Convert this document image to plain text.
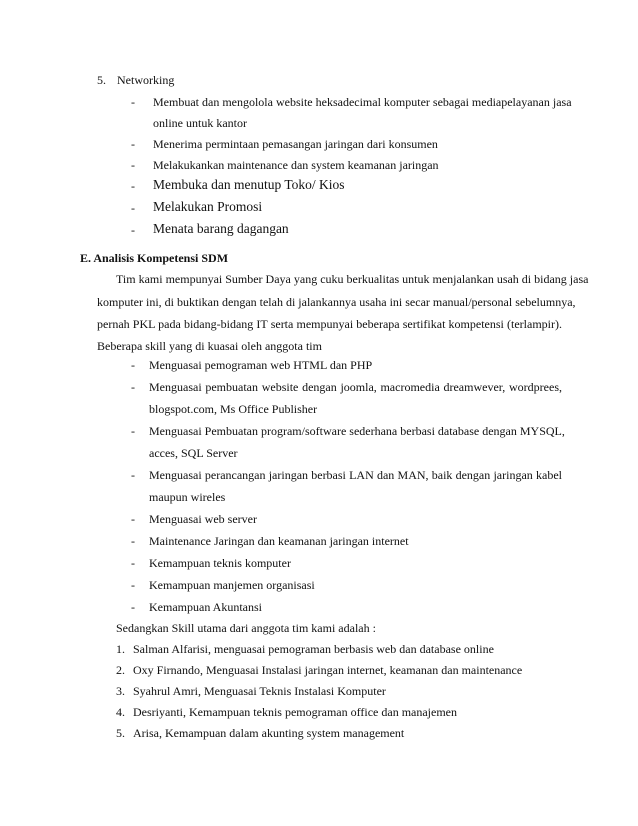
5. Networking
- Membuat dan mengolola website heksadecimal komputer sebagai mediapelayanan jasa
online untuk kantor
- Menerima permintaan pemasangan jaringan dari konsumen
- Melakukankan maintenance dan system keamanan jaringan
- Membuka dan menutup Toko/ Kios
- Melakukan Promosi
- Menata barang dagangan
E. Analisis Kompetensi SDM
Tim kami mempunyai Sumber Daya yang cuku berkualitas untuk menjalankan usah di bidang jasa
komputer ini, di buktikan dengan telah di jalankannya usaha ini secar manual/personal sebelumnya,
pernah PKL pada bidang-bidang IT serta mempunyai beberapa sertifikat kompetensi (terlampir).
Beberapa skill yang di kuasai oleh anggota tim
- Menguasai pemograman web HTML dan PHP
- Menguasai pembuatan website dengan joomla, macromedia dreamwever, wordprees,
blogspot.com, Ms Office Publisher
- Menguasai Pembuatan program/software sederhana berbasi database dengan MYSQL,
acces, SQL Server
- Menguasai perancangan jaringan berbasi LAN dan MAN, baik dengan jaringan kabel
maupun wireles
- Menguasai web server
- Maintenance Jaringan dan keamanan jaringan internet
- Kemampuan teknis komputer
- Kemampuan manjemen organisasi
- Kemampuan Akuntansi
Sedangkan Skill utama dari anggota tim kami adalah :
1. Salman Alfarisi, menguasai pemograman berbasis web dan database online
2. Oxy Firnando, Menguasai Instalasi jaringan internet, keamanan dan maintenance
3. Syahrul Amri, Menguasai Teknis Instalasi Komputer
4. Desriyanti, Kemampuan teknis pemograman office dan manajemen
5. Arisa, Kemampuan dalam akunting system management
